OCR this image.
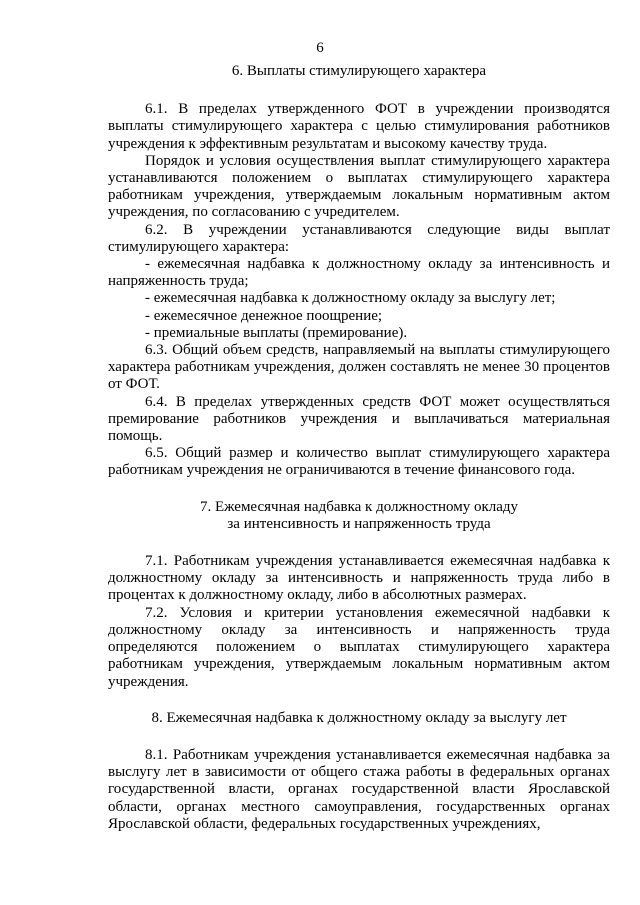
6
6. Выплаты стимулирующего характера

6.1. В пределах утвержденного ФОТ в учреждении производятся выплаты стимулирующего характера с целью стимулирования работников учреждения к эффективным результатам и высокому качеству труда.

Порядок и условия осуществления выплат стимулирующего характера устанавливаются положением о выплатах стимулирующего характера работникам учреждения, утверждаемым локальным нормативным актом учреждения, по согласованию с учредителем.

6.2. В учреждении устанавливаются следующие виды выплат стимулирующего характера:

- ежемесячная надбавка к должностному окладу за интенсивность и напряженность труда;

- ежемесячная надбавка к должностному окладу за выслугу лет;

- ежемесячное денежное поощрение;

- премиальные выплаты (премирование).

6.3. Общий объем средств, направляемый на выплаты стимулирующего характера работникам учреждения, должен составлять не менее 30 процентов от ФОТ.

6.4. В пределах утвержденных средств ФОТ может осуществляться премирование работников учреждения и выплачиваться материальная помощь.

6.5. Общий размер и количество выплат стимулирующего характера работникам учреждения не ограничиваются в течение финансового года.

7. Ежемесячная надбавка к должностному окладу
за интенсивность и напряженность труда

7.1. Работникам учреждения устанавливается ежемесячная надбавка к должностному окладу за интенсивность и напряженность труда либо в процентах к должностному окладу, либо в абсолютных размерах.

7.2. Условия и критерии установления ежемесячной надбавки к должностному окладу за интенсивность и напряженность труда определяются положением о выплатах стимулирующего характера работникам учреждения, утверждаемым локальным нормативным актом учреждения.

8. Ежемесячная надбавка к должностному окладу за выслугу лет

8.1. Работникам учреждения устанавливается ежемесячная надбавка за выслугу лет в зависимости от общего стажа работы в федеральных органах государственной власти, органах государственной власти Ярославской области, органах местного самоуправления, государственных органах Ярославской области, федеральных государственных учреждениях,
